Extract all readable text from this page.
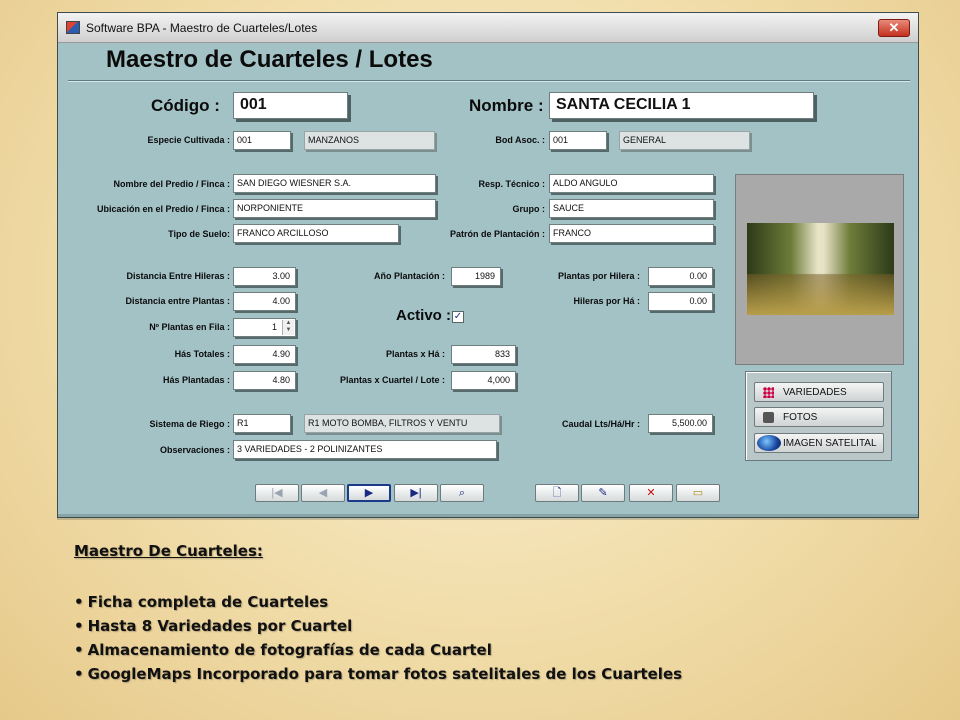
Software BPA - Maestro de Cuarteles/Lotes	✕
Maestro de Cuarteles / Lotes
Código :	001	Nombre : SANTA CECILIA 1
Especie Cultivada : 001	MANZANOS	Bod Asoc. : 001	GENERAL
Nombre del Predio / Finca : SAN DIEGO WIESNER S.A.
Ubicación en el Predio / Finca : NORPONIENTE
Tipo de Suelo: FRANCO ARCILLOSO
Resp. Técnico : ALDO ANGULO
Grupo : SAUCE
Patrón de Plantación : FRANCO
Distancia Entre Hileras :	3.00
Distancia entre Plantas :	4.00
Nº Plantas en Fila :	1	▲
▼
Hás Totales :	4.90
Hás Plantadas :	4.80
Año Plantación :	1989
Activo : ✓
Plantas x Há :	833
Plantas x Cuartel / Lote :	4,000
Plantas por Hilera :	0.00
Hileras por Há :	0.00
Sistema de Riego : R1	R1 MOTO BOMBA, FILTROS Y VENTU
Observaciones : 3 VARIEDADES - 2 POLINIZANTES
Caudal Lts/Há/Hr :	5,500.00
VARIEDADES
FOTOS
IMAGEN SATELITAL
|◀	◀	▶	▶|	⌕	🗋	✎	✕	▭
Maestro De Cuarteles:
• Ficha completa de Cuarteles
• Hasta 8 Variedades por Cuartel
• Almacenamiento de fotografías de cada Cuartel
• GoogleMaps Incorporado para tomar fotos satelitales de los Cuarteles
